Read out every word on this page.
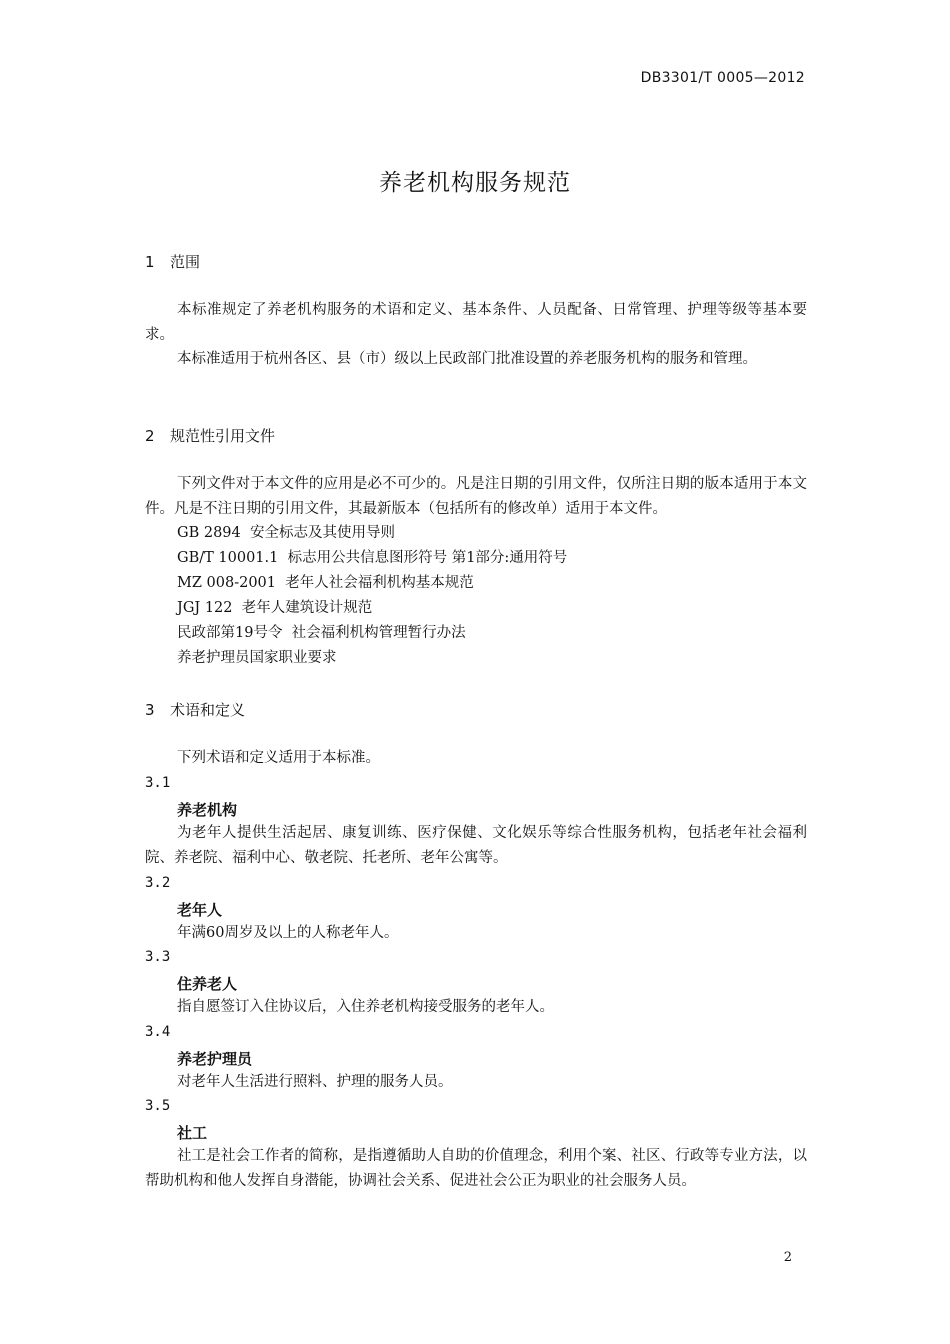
DB3301/T 0005—2012
养老机构服务规范
1 范围
本标准规定了养老机构服务的术语和定义、基本条件、人员配备、日常管理、护理等级等基本要求。
本标准适用于杭州各区、县（市）级以上民政部门批准设置的养老服务机构的服务和管理。
2 规范性引用文件
下列文件对于本文件的应用是必不可少的。凡是注日期的引用文件，仅所注日期的版本适用于本文件。凡是不注日期的引用文件，其最新版本（包括所有的修改单）适用于本文件。
GB 2894  安全标志及其使用导则
GB/T 10001.1  标志用公共信息图形符号 第1部分:通用符号
MZ 008-2001  老年人社会福利机构基本规范
JGJ 122  老年人建筑设计规范
民政部第19号令  社会福利机构管理暂行办法
养老护理员国家职业要求
3 术语和定义
下列术语和定义适用于本标准。
3.1
养老机构
为老年人提供生活起居、康复训练、医疗保健、文化娱乐等综合性服务机构，包括老年社会福利院、养老院、福利中心、敬老院、托老所、老年公寓等。
3.2
老年人
年满60周岁及以上的人称老年人。
3.3
住养老人
指自愿签订入住协议后，入住养老机构接受服务的老年人。
3.4
养老护理员
对老年人生活进行照料、护理的服务人员。
3.5
社工
社工是社会工作者的简称，是指遵循助人自助的价值理念，利用个案、社区、行政等专业方法，以帮助机构和他人发挥自身潜能，协调社会关系、促进社会公正为职业的社会服务人员。
2
